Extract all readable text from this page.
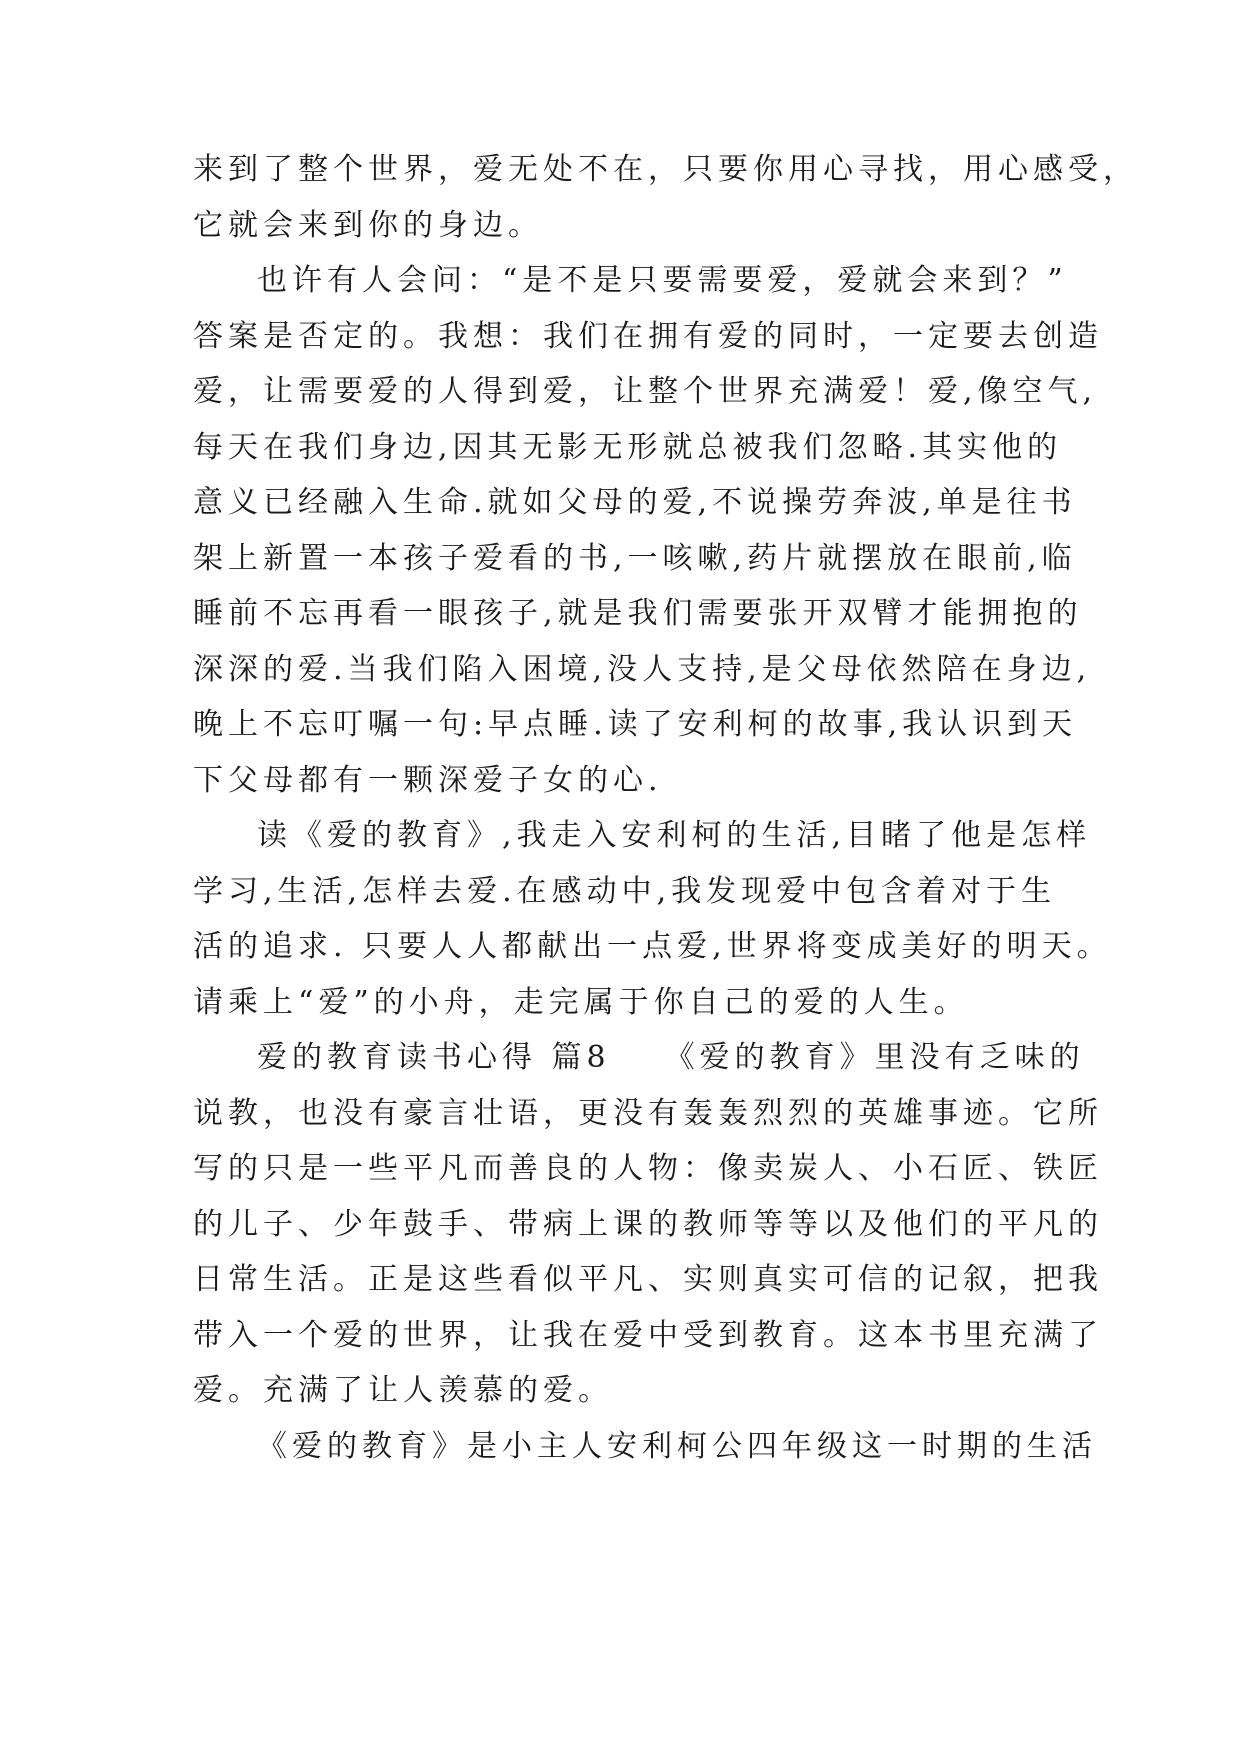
来到了整个世界，爱无处不在，只要你用心寻找，用心感受，
它就会来到你的身边。

也许有人会问：“是不是只要需要爱，爱就会来到？”
答案是否定的。我想：我们在拥有爱的同时，一定要去创造
爱，让需要爱的人得到爱，让整个世界充满爱！爱,像空气,
每天在我们身边,因其无影无形就总被我们忽略.其实他的
意义已经融入生命.就如父母的爱,不说操劳奔波,单是往书
架上新置一本孩子爱看的书,一咳嗽,药片就摆放在眼前,临
睡前不忘再看一眼孩子,就是我们需要张开双臂才能拥抱的
深深的爱.当我们陷入困境,没人支持,是父母依然陪在身边,
晚上不忘叮嘱一句:早点睡.读了安利柯的故事,我认识到天
下父母都有一颗深爱子女的心.

读《爱的教育》,我走入安利柯的生活,目睹了他是怎样
学习,生活,怎样去爱.在感动中,我发现爱中包含着对于生
活的追求. 只要人人都献出一点爱,世界将变成美好的明天。
请乘上“爱”的小舟，走完属于你自己的爱的人生。

爱的教育读书心得 篇8 《爱的教育》里没有乏味的
说教，也没有豪言壮语，更没有轰轰烈烈的英雄事迹。它所
写的只是一些平凡而善良的人物：像卖炭人、小石匠、铁匠
的儿子、少年鼓手、带病上课的教师等等以及他们的平凡的
日常生活。正是这些看似平凡、实则真实可信的记叙，把我
带入一个爱的世界，让我在爱中受到教育。这本书里充满了
爱。充满了让人羡慕的爱。

《爱的教育》是小主人安利柯公四年级这一时期的生活
